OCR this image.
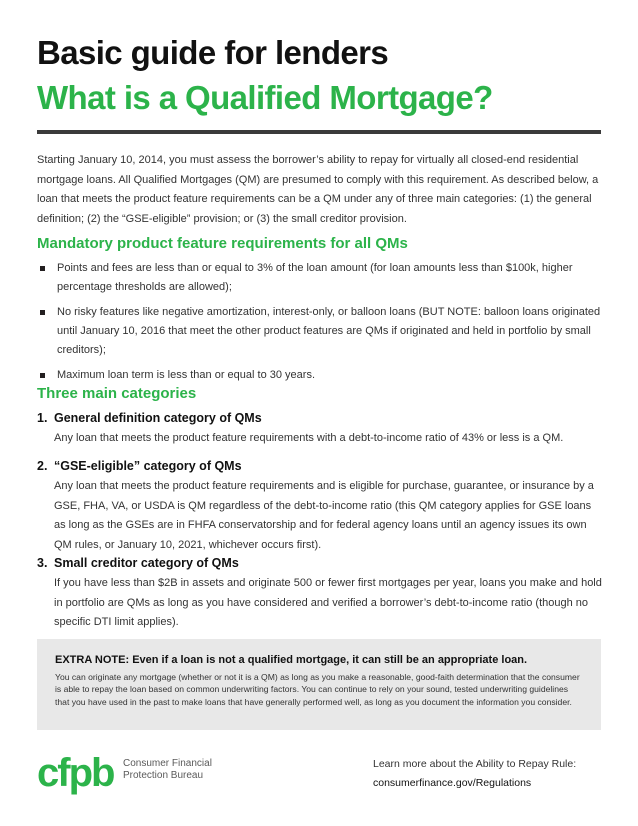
Basic guide for lenders
What is a Qualified Mortgage?

Starting January 10, 2014, you must assess the borrower’s ability to repay for virtually all closed-end residential mortgage loans. All Qualified Mortgages (QM) are presumed to comply with this requirement. As described below, a loan that meets the product feature requirements can be a QM under any of three main categories: (1) the general definition; (2) the “GSE-eligible” provision; or (3) the small creditor provision.

Mandatory product feature requirements for all QMs
Points and fees are less than or equal to 3% of the loan amount (for loan amounts less than $100k, higher percentage thresholds are allowed);
No risky features like negative amortization, interest-only, or balloon loans (BUT NOTE: balloon loans originated until January 10, 2016 that meet the other product features are QMs if originated and held in portfolio by small creditors);
Maximum loan term is less than or equal to 30 years.
Three main categories
1. General definition category of QMs

Any loan that meets the product feature requirements with a debt-to-income ratio of 43% or less is a QM.

2. “GSE-eligible” category of QMs

Any loan that meets the product feature requirements and is eligible for purchase, guarantee, or insurance by a GSE, FHA, VA, or USDA is QM regardless of the debt-to-income ratio (this QM category applies for GSE loans as long as the GSEs are in FHFA conservatorship and for federal agency loans until an agency issues its own QM rules, or January 10, 2021, whichever occurs first).

3. Small creditor category of QMs

If you have less than $2B in assets and originate 500 or fewer first mortgages per year, loans you make and hold in portfolio are QMs as long as you have considered and verified a borrower’s debt-to-income ratio (though no specific DTI limit applies).

EXTRA NOTE: Even if a loan is not a qualified mortgage, it can still be an appropriate loan.

You can originate any mortgage (whether or not it is a QM) as long as you make a reasonable, good-faith determination that the consumer is able to repay the loan based on common underwriting factors. You can continue to rely on your sound, tested underwriting guidelines that you have used in the past to make loans that have generally performed well, as long as you document the information you consider.

cfpb Consumer Financial
Protection Bureau
Learn more about the Ability to Repay Rule:
consumerfinance.gov/Regulations
